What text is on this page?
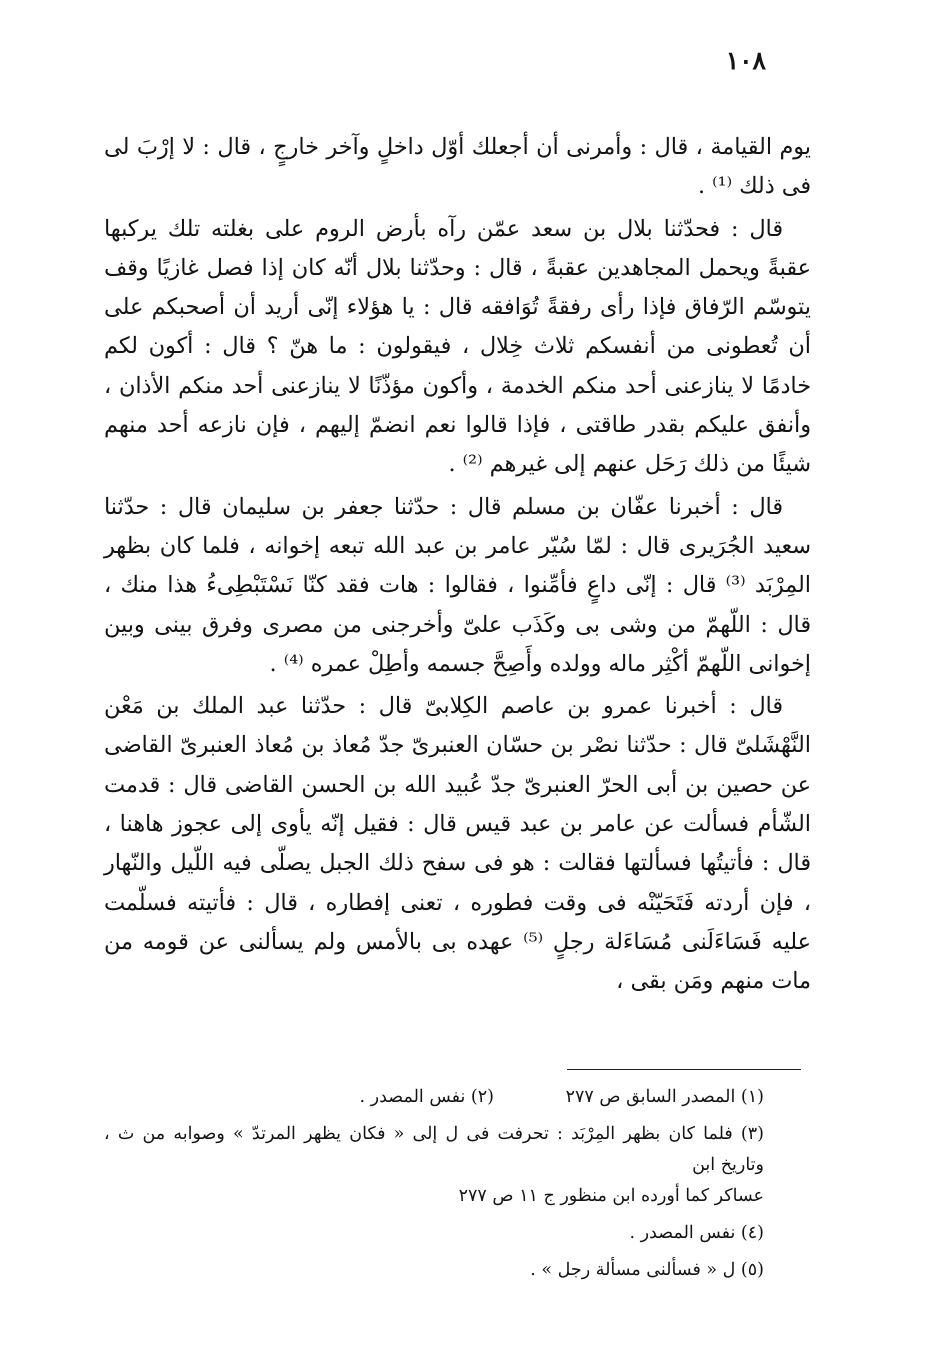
١٠٨

يوم القيامة ، قال : وأمرنى أن أجعلك أوّل داخلٍ وآخر خارجٍ ، قال : لا إرْبَ لى فى ذلك ⁽¹⁾ .

قال : فحدّثنا بلال بن سعد عمّن رآه بأرض الروم على بغلته تلك يركبها عقبةً ويحمل المجاهدين عقبةً ، قال : وحدّثنا بلال أنّه كان إذا فصل غازيًا وقف يتوسّم الرّفاق فإذا رأى رفقةً تُوَافقه قال : يا هؤلاء إنّى أريد أن أصحبكم على أن تُعطونى من أنفسكم ثلاث خِلال ، فيقولون : ما هنّ ؟ قال : أكون لكم خادمًا لا ينازعنى أحد منكم الخدمة ، وأكون مؤذّنًا لا ينازعنى أحد منكم الأذان ، وأنفق عليكم بقدر طاقتى ، فإذا قالوا نعم انضمّ إليهم ، فإن نازعه أحد منهم شيئًا من ذلك رَحَل عنهم إلى غيرهم ⁽²⁾ .

قال : أخبرنا عفّان بن مسلم قال : حدّثنا جعفر بن سليمان قال : حدّثنا سعيد الجُرَيرى قال : لمّا سُيّر عامر بن عبد الله تبعه إخوانه ، فلما كان بظهر المِرْبَد ⁽³⁾ قال : إنّى داعٍ فأمِّنوا ، فقالوا : هات فقد كنّا نَسْتَبْطِىءُ هذا منك ، قال : اللّهمّ من وشى بى وكَذَب علىّ وأخرجنى من مصرى وفرق بينى وبين إخوانى اللّهمّ أكْثِر ماله وولده وأَصِحَّ جسمه وأطِلْ عمره ⁽⁴⁾ .

قال : أخبرنا عمرو بن عاصم الكِلابىّ قال : حدّثنا عبد الملك بن مَعْن النَّهْشَلىّ قال : حدّثنا نصْر بن حسّان العنبرىّ جدّ مُعاذ بن مُعاذ العنبرىّ القاضى عن حصين بن أبى الحرّ العنبرىّ جدّ عُبيد الله بن الحسن القاضى قال : قدمت الشّأم فسألت عن عامر بن عبد قيس قال : فقيل إنّه يأوى إلى عجوز هاهنا ، قال : فأتيتُها فسألتها فقالت : هو فى سفح ذلك الجبل يصلّى فيه اللّيل والنّهار ، فإن أردته فَتَحَيّنْه فى وقت فطوره ، تعنى إفطاره ، قال : فأتيته فسلّمت عليه فَسَاءَلَنى مُسَاءَلة رجلٍ ⁽⁵⁾ عهده بى بالأمس ولم يسألنى عن قومه من مات منهم ومَن بقى ،

(١) المصدر السابق ص ٢٧٧
(٢) نفس المصدر .

(٣) فلما كان بظهر المِرْبَد : تحرفت فى ل إلى « فكان يظهر المرتدّ » وصوابه من ث ، وتاريخ ابن

عساكر كما أورده ابن منظور ج ١١ ص ٢٧٧

(٤) نفس المصدر .

(٥) ل « فسألنى مسألة رجل » .
